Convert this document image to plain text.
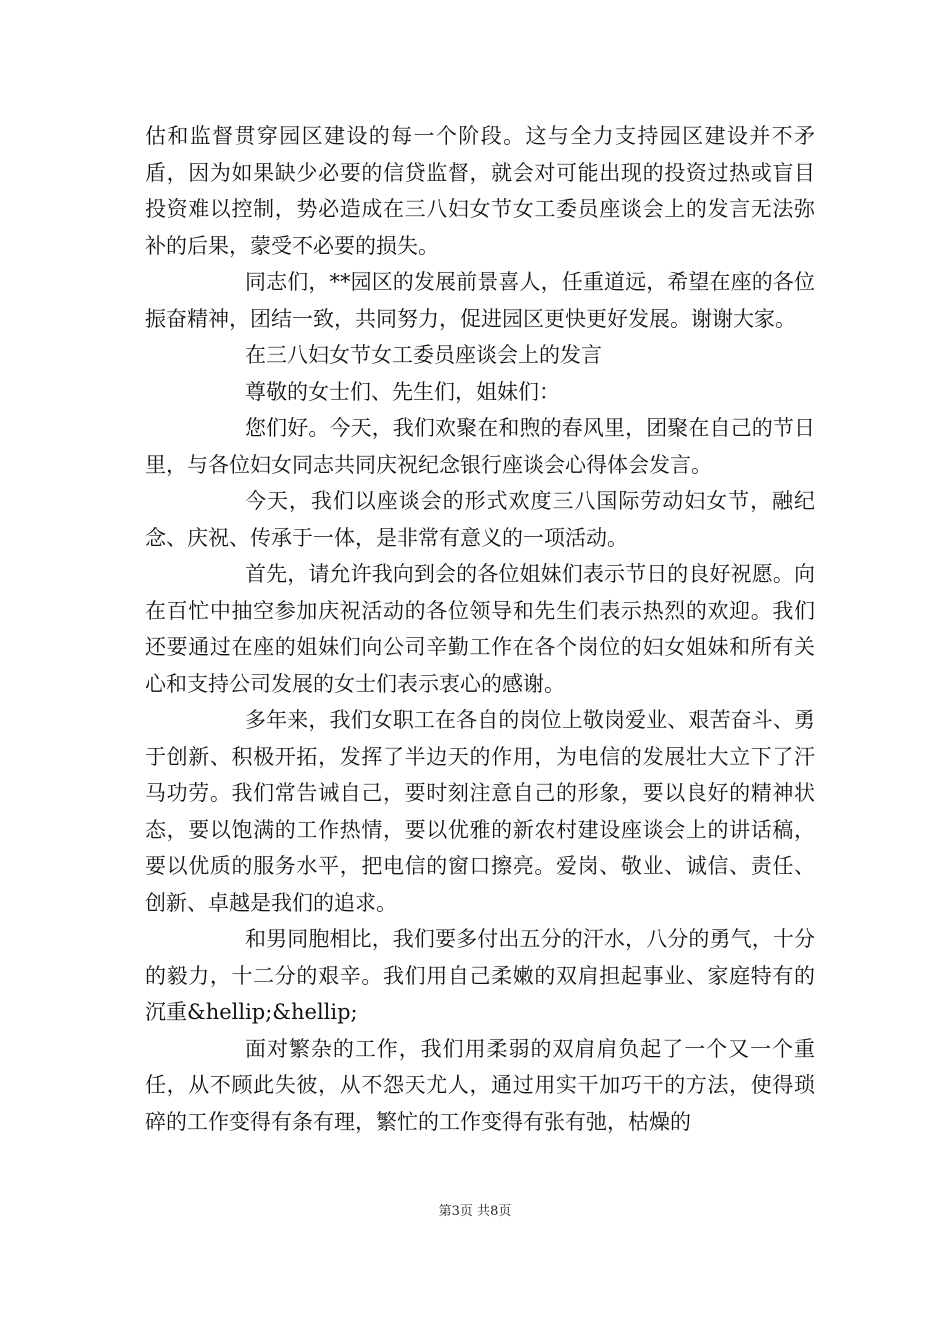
估和监督贯穿园区建设的每一个阶段。这与全力支持园区建设并不矛盾，因为如果缺少必要的信贷监督，就会对可能出现的投资过热或盲目投资难以控制，势必造成在三八妇女节女工委员座谈会上的发言无法弥补的后果，蒙受不必要的损失。

同志们，**园区的发展前景喜人，任重道远，希望在座的各位振奋精神，团结一致，共同努力，促进园区更快更好发展。谢谢大家。

在三八妇女节女工委员座谈会上的发言

尊敬的女士们、先生们，姐妹们：

您们好。今天，我们欢聚在和煦的春风里，团聚在自己的节日里，与各位妇女同志共同庆祝纪念银行座谈会心得体会发言。

今天，我们以座谈会的形式欢度三八国际劳动妇女节，融纪念、庆祝、传承于一体，是非常有意义的一项活动。

首先，请允许我向到会的各位姐妹们表示节日的良好祝愿。向在百忙中抽空参加庆祝活动的各位领导和先生们表示热烈的欢迎。我们还要通过在座的姐妹们向公司辛勤工作在各个岗位的妇女姐妹和所有关心和支持公司发展的女士们表示衷心的感谢。

多年来，我们女职工在各自的岗位上敬岗爱业、艰苦奋斗、勇于创新、积极开拓，发挥了半边天的作用，为电信的发展壮大立下了汗马功劳。我们常告诫自己，要时刻注意自己的形象，要以良好的精神状态，要以饱满的工作热情，要以优雅的新农村建设座谈会上的讲话稿，要以优质的服务水平，把电信的窗口擦亮。爱岗、敬业、诚信、责任、创新、卓越是我们的追求。

和男同胞相比，我们要多付出五分的汗水，八分的勇气，十分的毅力，十二分的艰辛。我们用自己柔嫩的双肩担起事业、家庭特有的沉重&hellip;&hellip;

面对繁杂的工作，我们用柔弱的双肩肩负起了一个又一个重任，从不顾此失彼，从不怨天尤人，通过用实干加巧干的方法，使得琐碎的工作变得有条有理，繁忙的工作变得有张有弛，枯燥的

第3页 共8页
